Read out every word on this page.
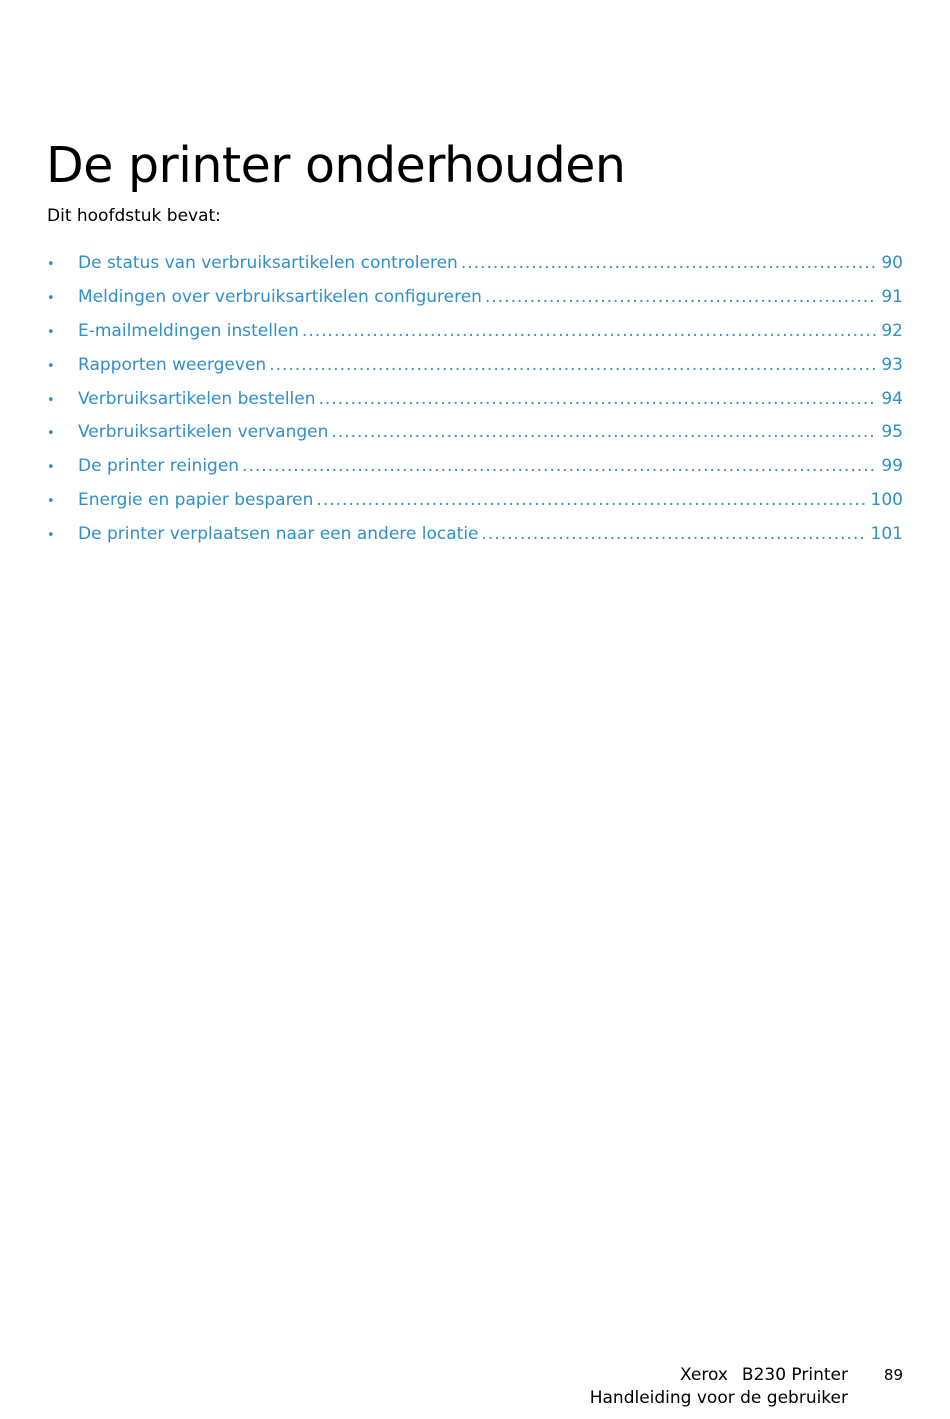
De printer onderhouden
Dit hoofdstuk bevat:
•	De status van verbruiksartikelen controleren .....	90
•	Meldingen over verbruiksartikelen configureren .....	91
•	E-mailmeldingen instellen .....	92
•	Rapporten weergeven .....	93
•	Verbruiksartikelen bestellen .....	94
•	Verbruiksartikelen vervangen .....	95
•	De printer reinigen .....	99
•	Energie en papier besparen .....	100
•	De printer verplaatsen naar een andere locatie .....	101
Xerox B230 Printer
Handleiding voor de gebruiker
89
